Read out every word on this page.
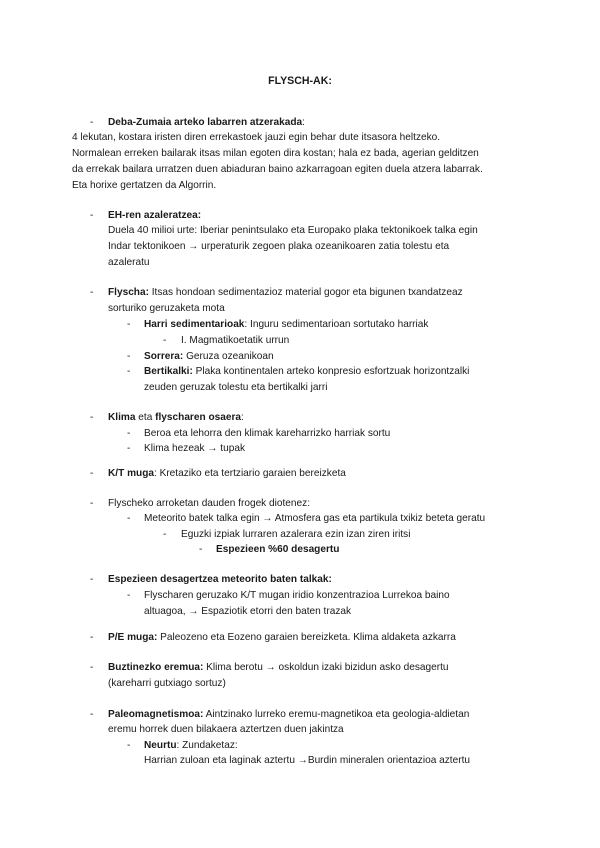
FLYSCH-AK:
- Deba-Zumaia arteko labarren atzerakada:
4 lekutan, kostara iristen diren errekastoek jauzi egin behar dute itsasora heltzeko.
Normalean erreken bailarak itsas milan egoten dira kostan; hala ez bada, agerian gelditzen
da errekak bailara urratzen duen abiaduran baino azkarragoan egiten duela atzera labarrak.
Eta horixe gertatzen da Algorrin.
- EH-ren azaleratzea:
Duela 40 milioi urte: Iberiar penintsulako eta Europako plaka tektonikoek talka egin
Indar tektonikoen → urperaturik zegoen plaka ozeanikoaren zatia tolestu eta
azaleratu
- Flyscha: Itsas hondoan sedimentazioz material gogor eta bigunen txandatzeaz
sorturiko geruzaketa mota
- Harri sedimentarioak: Inguru sedimentarioan sortutako harriak
- I. Magmatikoetatik urrun
- Sorrera: Geruza ozeanikoan
- Bertikalki: Plaka kontinentalen arteko konpresio esfortzuak horizontzalki
zeuden geruzak tolestu eta bertikalki jarri
- Klima eta flyscharen osaera:
- Beroa eta lehorra den klimak kareharrizko harriak sortu
- Klima hezeak → tupak
- K/T muga: Kretaziko eta tertziario garaien bereizketa
- Flyscheko arroketan dauden frogek diotenez:
- Meteorito batek talka egin → Atmosfera gas eta partikula txikiz beteta geratu
- Eguzki izpiak lurraren azalerara ezin izan ziren iritsi
- Espezieen %60 desagertu
- Espezieen desagertzea meteorito baten talkak:
- Flyscharen geruzako K/T mugan iridio konzentrazioa Lurrekoa baino
altuagoa, → Espaziotik etorri den baten trazak
- P/E muga: Paleozeno eta Eozeno garaien bereizketa. Klima aldaketa azkarra
- Buztinezko eremua: Klima berotu → oskoldun izaki bizidun asko desagertu
(kareharri gutxiago sortuz)
- Paleomagnetismoa: Aintzinako lurreko eremu-magnetikoa eta geologia-aldietan
eremu horrek duen bilakaera aztertzen duen jakintza
- Neurtu: Zundaketaz:
Harrian zuloan eta laginak aztertu →Burdin mineralen orientazioa aztertu
